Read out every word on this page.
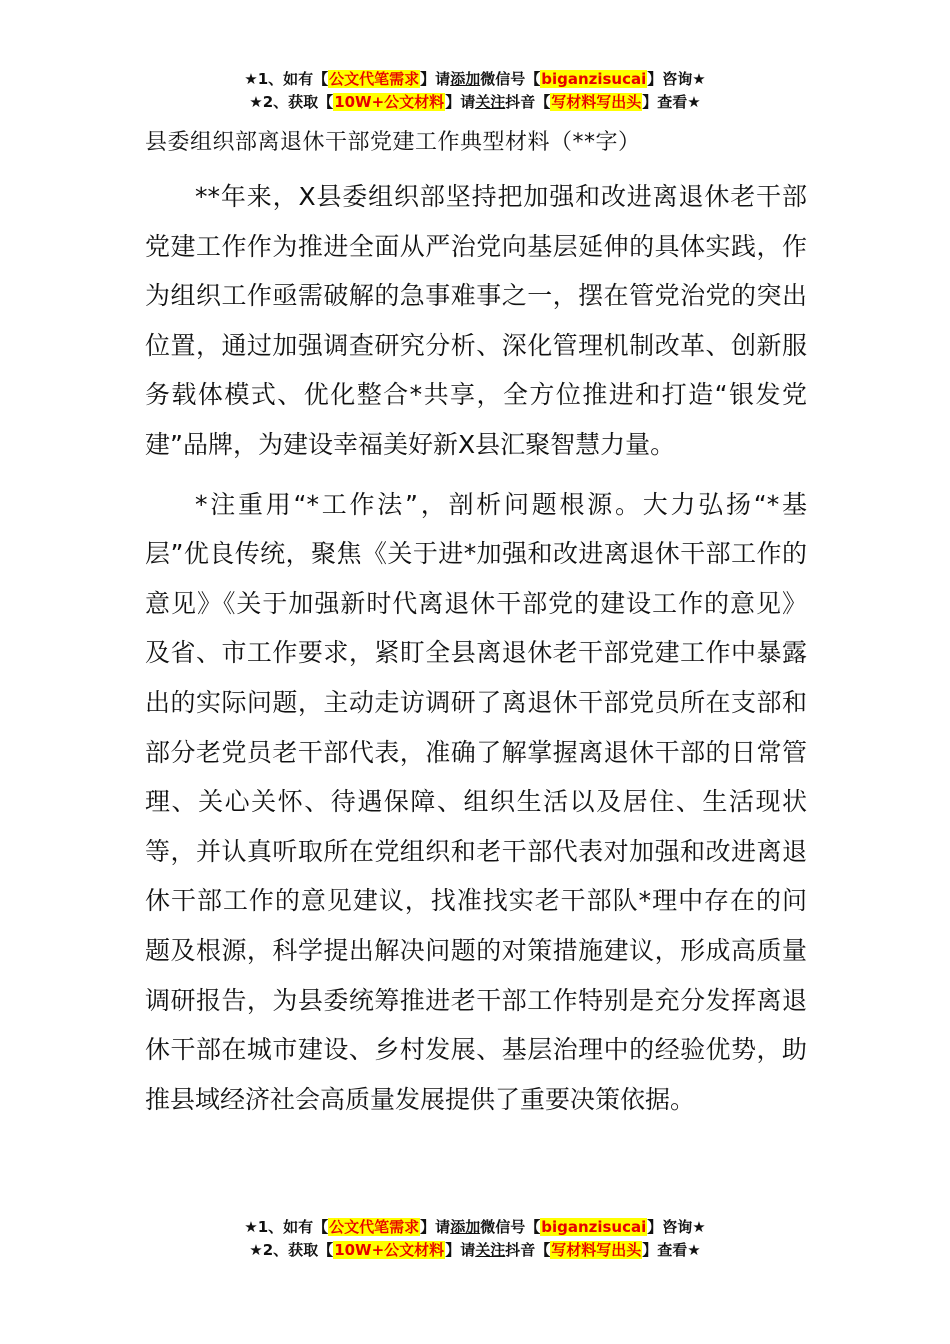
★1、如有【公文代笔需求】请添加微信号【biganzisucai】咨询★
★2、获取【10W+公文材料】请关注抖音【写材料写出头】查看★
县委组织部离退休干部党建工作典型材料（**字）

**年来，X县委组织部坚持把加强和改进离退休老干部党建工作作为推进全面从严治党向基层延伸的具体实践，作为组织工作亟需破解的急事难事之一，摆在管党治党的突出位置，通过加强调查研究分析、深化管理机制改革、创新服务载体模式、优化整合*共享，全方位推进和打造“银发党建”品牌，为建设幸福美好新X县汇聚智慧力量。

*注重用“*工作法”，剖析问题根源。大力弘扬“*基层”优良传统，聚焦《关于进*加强和改进离退休干部工作的意见》《关于加强新时代离退休干部党的建设工作的意见》及省、市工作要求，紧盯全县离退休老干部党建工作中暴露出的实际问题，主动走访调研了离退休干部党员所在支部和部分老党员老干部代表，准确了解掌握离退休干部的日常管理、关心关怀、待遇保障、组织生活以及居住、生活现状等，并认真听取所在党组织和老干部代表对加强和改进离退休干部工作的意见建议，找准找实老干部队*理中存在的问题及根源，科学提出解决问题的对策措施建议，形成高质量调研报告，为县委统筹推进老干部工作特别是充分发挥离退休干部在城市建设、乡村发展、基层治理中的经验优势，助推县域经济社会高质量发展提供了重要决策依据。

★1、如有【公文代笔需求】请添加微信号【biganzisucai】咨询★
★2、获取【10W+公文材料】请关注抖音【写材料写出头】查看★
